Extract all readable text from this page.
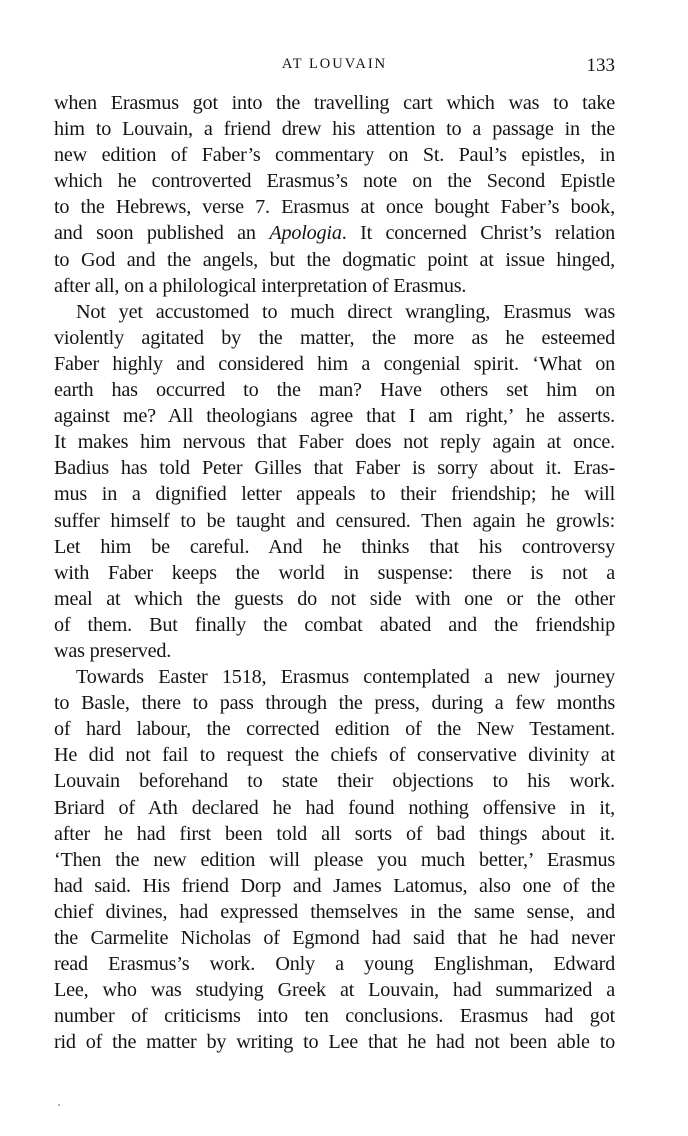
AT LOUVAIN	133
when Erasmus got into the travelling cart which was to take
him to Louvain, a friend drew his attention to a passage in the
new edition of Faber’s commentary on St. Paul’s epistles, in
which he controverted Erasmus’s note on the Second Epistle
to the Hebrews, verse 7. Erasmus at once bought Faber’s book,
and soon published an Apologia. It concerned Christ’s relation
to God and the angels, but the dogmatic point at issue hinged,
after all, on a philological interpretation of Erasmus.
Not yet accustomed to much direct wrangling, Erasmus was
violently agitated by the matter, the more as he esteemed
Faber highly and considered him a congenial spirit. ‘What on
earth has occurred to the man? Have others set him on
against me? All theologians agree that I am right,’ he asserts.
It makes him nervous that Faber does not reply again at once.
Badius has told Peter Gilles that Faber is sorry about it. Eras-
mus in a dignified letter appeals to their friendship; he will
suffer himself to be taught and censured. Then again he growls:
Let him be careful. And he thinks that his controversy
with Faber keeps the world in suspense: there is not a
meal at which the guests do not side with one or the other
of them. But finally the combat abated and the friendship
was preserved.
Towards Easter 1518, Erasmus contemplated a new journey
to Basle, there to pass through the press, during a few months
of hard labour, the corrected edition of the New Testament.
He did not fail to request the chiefs of conservative divinity at
Louvain beforehand to state their objections to his work.
Briard of Ath declared he had found nothing offensive in it,
after he had first been told all sorts of bad things about it.
‘Then the new edition will please you much better,’ Erasmus
had said. His friend Dorp and James Latomus, also one of the
chief divines, had expressed themselves in the same sense, and
the Carmelite Nicholas of Egmond had said that he had never
read Erasmus’s work. Only a young Englishman, Edward
Lee, who was studying Greek at Louvain, had summarized a
number of criticisms into ten conclusions. Erasmus had got
rid of the matter by writing to Lee that he had not been able to
